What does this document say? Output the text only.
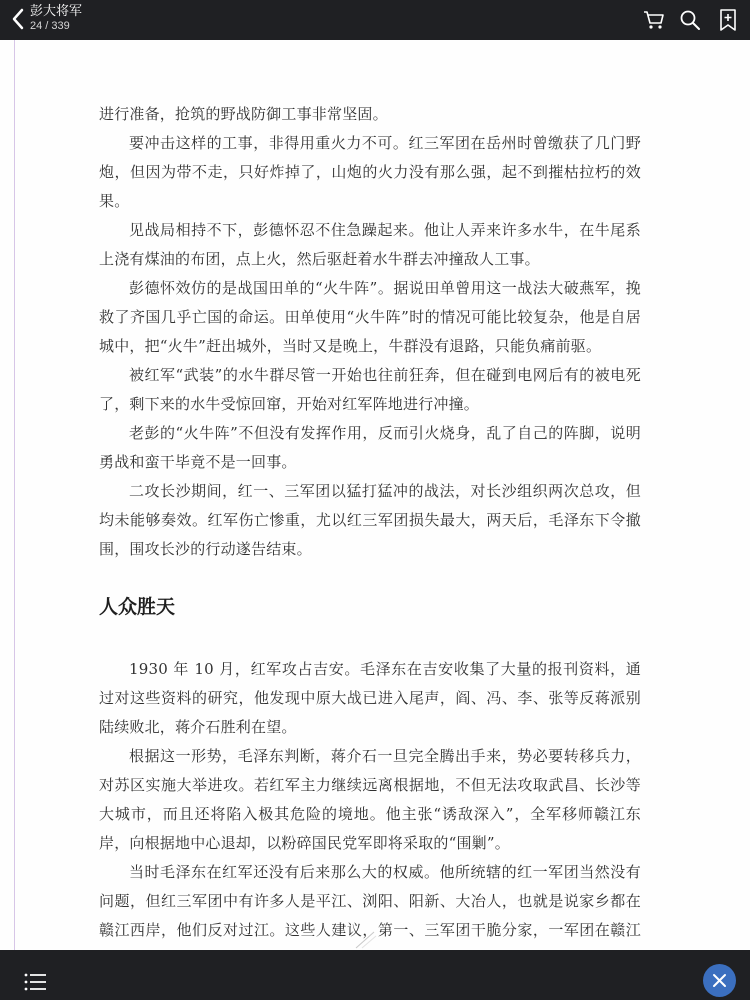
彭大将军
24 / 339

进行准备，抢筑的野战防御工事非常坚固。

要冲击这样的工事，非得用重火力不可。红三军团在岳州时曾缴获了几门野炮，但因为带不走，只好炸掉了，山炮的火力没有那么强，起不到摧枯拉朽的效果。

见战局相持不下，彭德怀忍不住急躁起来。他让人弄来许多水牛，在牛尾系上浇有煤油的布团，点上火，然后驱赶着水牛群去冲撞敌人工事。

彭德怀效仿的是战国田单的“火牛阵”。据说田单曾用这一战法大破燕军，挽救了齐国几乎亡国的命运。田单使用“火牛阵”时的情况可能比较复杂，他是自居城中，把“火牛”赶出城外，当时又是晚上，牛群没有退路，只能负痛前驱。

被红军“武装”的水牛群尽管一开始也往前狂奔，但在碰到电网后有的被电死了，剩下来的水牛受惊回窜，开始对红军阵地进行冲撞。

老彭的“火牛阵”不但没有发挥作用，反而引火烧身，乱了自己的阵脚，说明勇战和蛮干毕竟不是一回事。

二攻长沙期间，红一、三军团以猛打猛冲的战法，对长沙组织两次总攻，但均未能够奏效。红军伤亡惨重，尤以红三军团损失最大，两天后，毛泽东下令撤围，围攻长沙的行动遂告结束。

人众胜天

1930 年 10 月，红军攻占吉安。毛泽东在吉安收集了大量的报刊资料，通过对这些资料的研究，他发现中原大战已进入尾声，阎、冯、李、张等反蒋派别陆续败北，蒋介石胜利在望。

根据这一形势，毛泽东判断，蒋介石一旦完全腾出手来，势必要转移兵力，对苏区实施大举进攻。若红军主力继续远离根据地，不但无法攻取武昌、长沙等大城市，而且还将陷入极其危险的境地。他主张“诱敌深入”，全军移师赣江东岸，向根据地中心退却，以粉碎国民党军即将采取的“围剿”。

当时毛泽东在红军还没有后来那么大的权威。他所统辖的红一军团当然没有问题，但红三军团中有许多人是平江、浏阳、阳新、大冶人，也就是说家乡都在赣江西岸，他们反对过江。这些人建议，第一、三军团干脆分家，一军团在赣江
